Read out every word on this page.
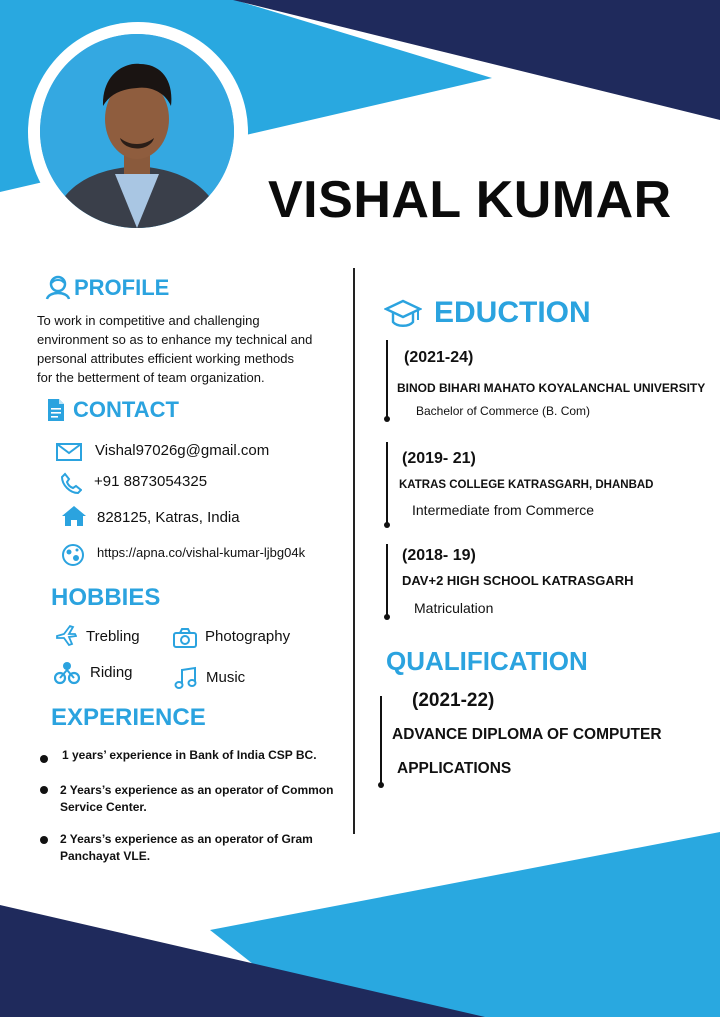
VISHAL KUMAR
PROFILE
To work in competitive and challenging
environment so as to enhance my technical and
personal attributes efficient working methods
for the betterment of team organization.
CONTACT
Vishal97026g@gmail.com
+91 8873054325
828125, Katras, India
https://apna.co/vishal-kumar-ljbg04k
HOBBIES
Trebling	Photography
Riding	Music
EXPERIENCE
1 years’ experience in Bank of India CSP BC.
2 Years’s experience as an operator of Common
Service Center.
2 Years’s experience as an operator of Gram
Panchayat VLE.
EDUCTION
(2021-24)
BINOD BIHARI MAHATO KOYALANCHAL UNIVERSITY
Bachelor of Commerce (B. Com)
(2019- 21)
KATRAS COLLEGE KATRASGARH, DHANBAD
Intermediate from Commerce
(2018- 19)
DAV+2 HIGH SCHOOL KATRASGARH
Matriculation
QUALIFICATION
(2021-22)
ADVANCE DIPLOMA OF COMPUTER
APPLICATIONS
